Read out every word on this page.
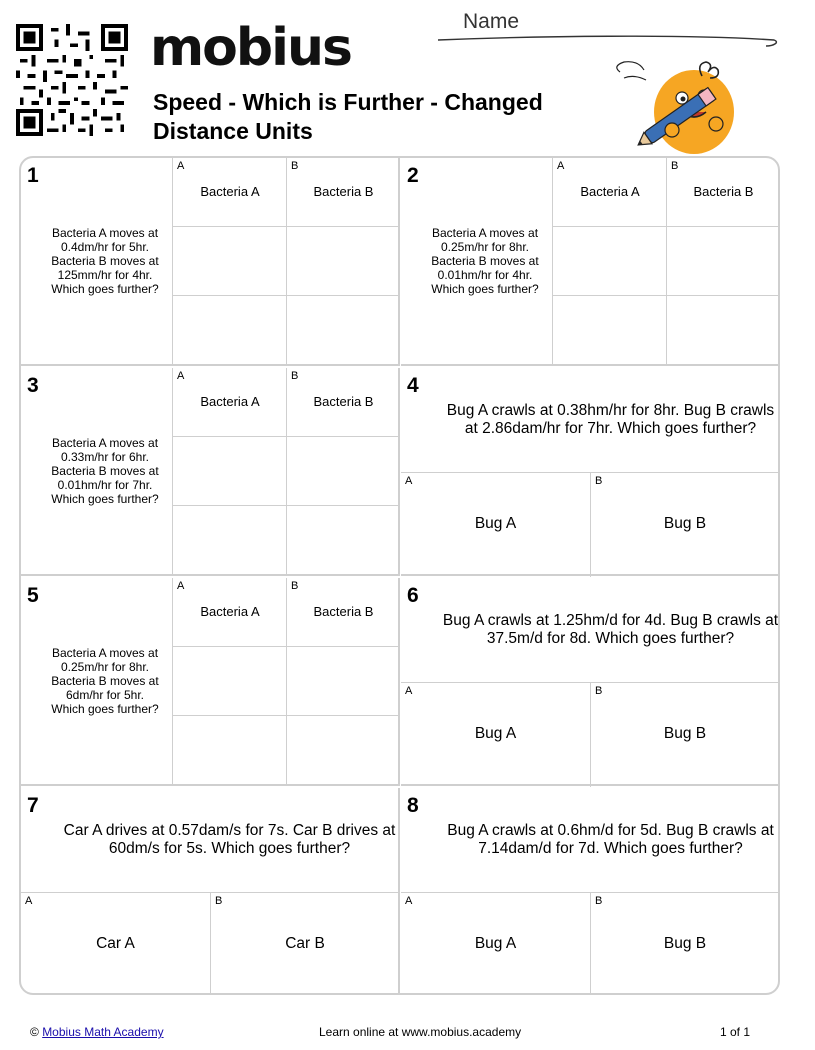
mobius
Speed - Which is Further - Changed Distance Units
Name
1
Bacteria A moves at 0.4dm/hr for 5hr. Bacteria B moves at 125mm/hr for 4hr. Which goes further?
A
Bacteria A
B
Bacteria B
2
Bacteria A moves at 0.25m/hr for 8hr. Bacteria B moves at 0.01hm/hr for 4hr. Which goes further?
A
Bacteria A
B
Bacteria B
3
Bacteria A moves at 0.33m/hr for 6hr. Bacteria B moves at 0.01hm/hr for 7hr. Which goes further?
A
Bacteria A
B
Bacteria B
4
Bug A crawls at 0.38hm/hr for 8hr. Bug B crawls at 2.86dam/hr for 7hr. Which goes further?
A
Bug A
B
Bug B
5
Bacteria A moves at 0.25m/hr for 8hr. Bacteria B moves at 6dm/hr for 5hr. Which goes further?
A
Bacteria A
B
Bacteria B
6
Bug A crawls at 1.25hm/d for 4d. Bug B crawls at 37.5m/d for 8d. Which goes further?
A
Bug A
B
Bug B
7
Car A drives at 0.57dam/s for 7s. Car B drives at 60dm/s for 5s. Which goes further?
A
Car A
B
Car B
8
Bug A crawls at 0.6hm/d for 5d. Bug B crawls at 7.14dam/d for 7d. Which goes further?
A
Bug A
B
Bug B
© Mobius Math Academy	Learn online at www.mobius.academy	1 of 1
